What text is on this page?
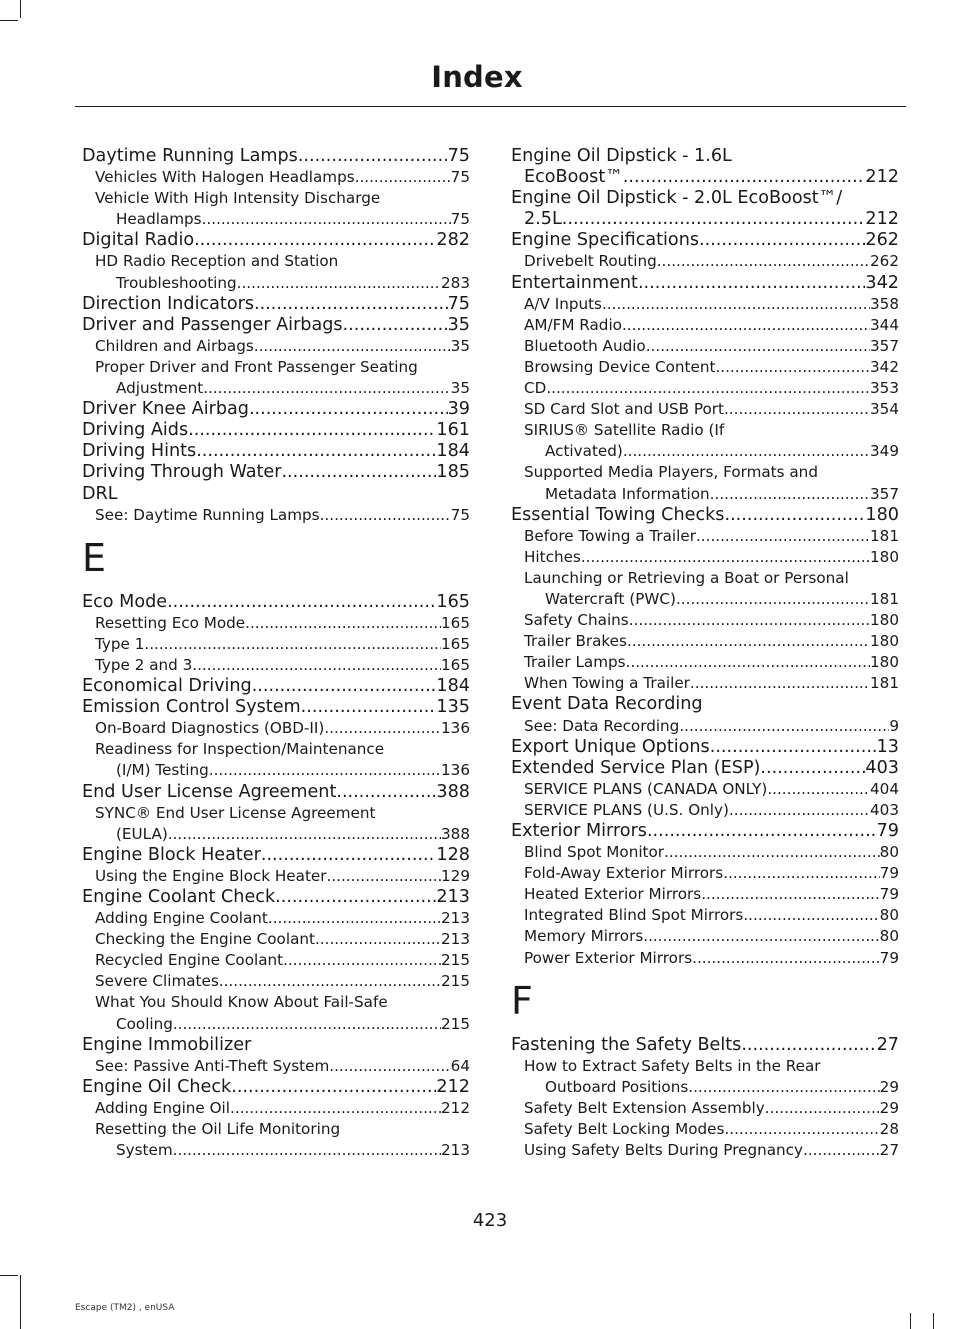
Index
Daytime Running Lamps .....	75
Vehicles With Halogen Headlamps .....	75
Vehicle With High Intensity Discharge
Headlamps .....	75
Digital Radio .....	282
HD Radio Reception and Station
Troubleshooting .....	283
Direction Indicators .....	75
Driver and Passenger Airbags .....	35
Children and Airbags .....	35
Proper Driver and Front Passenger Seating
Adjustment .....	35
Driver Knee Airbag .....	39
Driving Aids .....	161
Driving Hints .....	184
Driving Through Water .....	185
DRL
See: Daytime Running Lamps .....	75
E
Eco Mode .....	165
Resetting Eco Mode .....	165
Type 1 .....	165
Type 2 and 3 .....	165
Economical Driving .....	184
Emission Control System .....	135
On-Board Diagnostics (OBD-II) .....	136
Readiness for Inspection/Maintenance
(I/M) Testing .....	136
End User License Agreement .....	388
SYNC® End User License Agreement
(EULA) .....	388
Engine Block Heater .....	128
Using the Engine Block Heater .....	129
Engine Coolant Check .....	213
Adding Engine Coolant .....	213
Checking the Engine Coolant .....	213
Recycled Engine Coolant .....	215
Severe Climates .....	215
What You Should Know About Fail-Safe
Cooling .....	215
Engine Immobilizer
See: Passive Anti-Theft System .....	64
Engine Oil Check .....	212
Adding Engine Oil .....	212
Resetting the Oil Life Monitoring
System .....	213
Engine Oil Dipstick - 1.6L
EcoBoost™ .....	212
Engine Oil Dipstick - 2.0L EcoBoost™/
2.5L .....	212
Engine Specifications .....	262
Drivebelt Routing .....	262
Entertainment .....	342
A/V Inputs .....	358
AM/FM Radio .....	344
Bluetooth Audio .....	357
Browsing Device Content .....	342
CD .....	353
SD Card Slot and USB Port .....	354
SIRIUS® Satellite Radio (If
Activated) .....	349
Supported Media Players, Formats and
Metadata Information .....	357
Essential Towing Checks .....	180
Before Towing a Trailer .....	181
Hitches .....	180
Launching or Retrieving a Boat or Personal
Watercraft (PWC) .....	181
Safety Chains .....	180
Trailer Brakes .....	180
Trailer Lamps .....	180
When Towing a Trailer .....	181
Event Data Recording
See: Data Recording .....	9
Export Unique Options .....	13
Extended Service Plan (ESP) .....	403
SERVICE PLANS (CANADA ONLY) .....	404
SERVICE PLANS (U.S. Only) .....	403
Exterior Mirrors .....	79
Blind Spot Monitor .....	80
Fold-Away Exterior Mirrors .....	79
Heated Exterior Mirrors .....	79
Integrated Blind Spot Mirrors .....	80
Memory Mirrors .....	80
Power Exterior Mirrors .....	79
F
Fastening the Safety Belts .....	27
How to Extract Safety Belts in the Rear
Outboard Positions .....	29
Safety Belt Extension Assembly .....	29
Safety Belt Locking Modes .....	28
Using Safety Belts During Pregnancy .....	27
423
Escape (TM2) , enUSA
